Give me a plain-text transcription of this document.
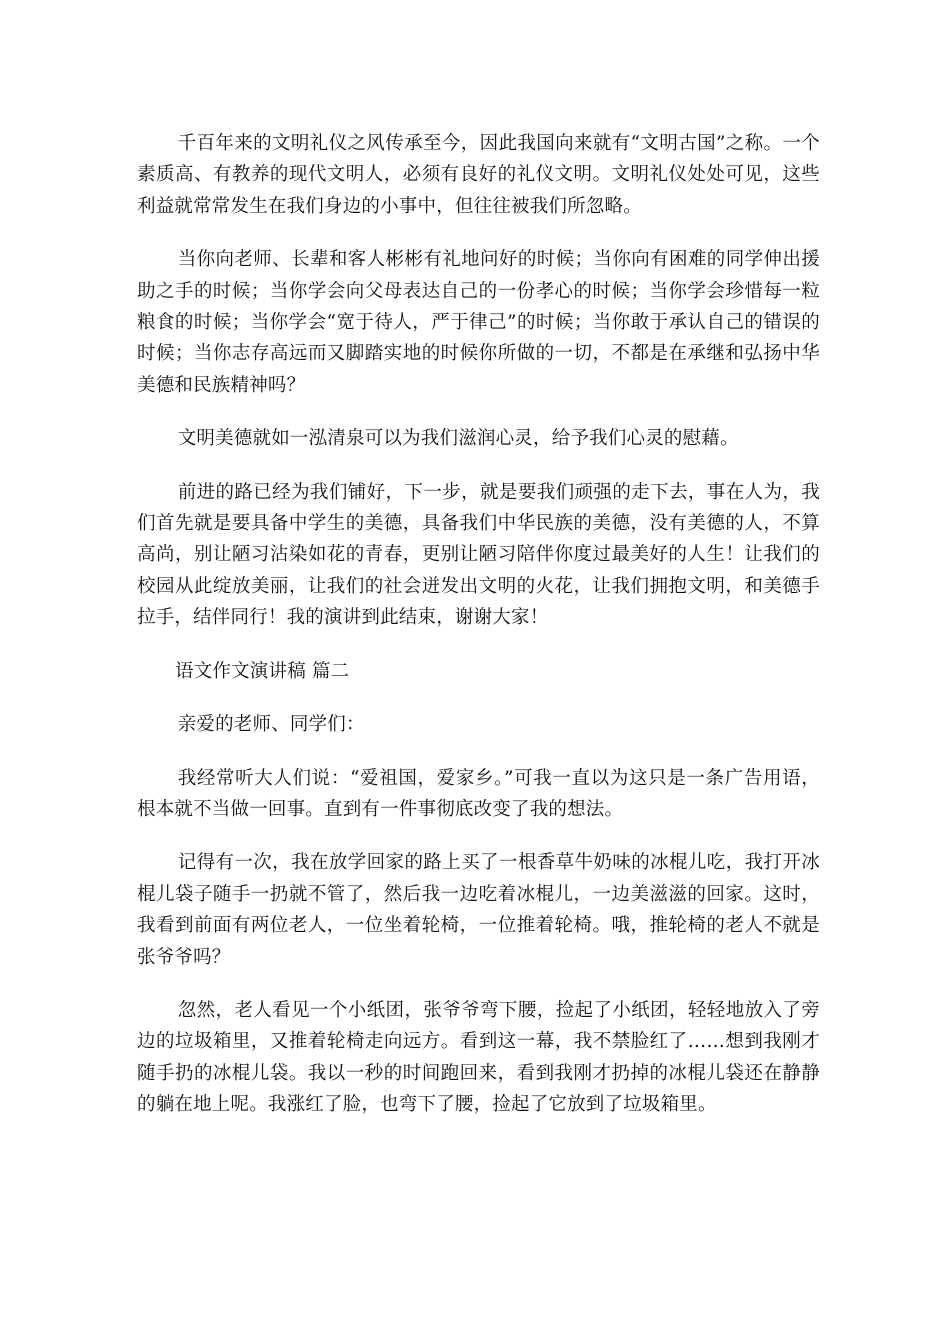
千百年来的文明礼仪之风传承至今，因此我国向来就有“文明古国”之称。一个素质高、有教养的现代文明人，必须有良好的礼仪文明。文明礼仪处处可见，这些利益就常常发生在我们身边的小事中，但往往被我们所忽略。

当你向老师、长辈和客人彬彬有礼地问好的时候；当你向有困难的同学伸出援助之手的时候；当你学会向父母表达自己的一份孝心的时候；当你学会珍惜每一粒粮食的时候；当你学会“宽于待人，严于律己”的时候；当你敢于承认自己的错误的时候；当你志存高远而又脚踏实地的时候你所做的一切，不都是在承继和弘扬中华美德和民族精神吗？

文明美德就如一泓清泉可以为我们滋润心灵，给予我们心灵的慰藉。

前进的路已经为我们铺好，下一步，就是要我们顽强的走下去，事在人为，我们首先就是要具备中学生的美德，具备我们中华民族的美德，没有美德的人，不算高尚，别让陋习沾染如花的青春，更别让陋习陪伴你度过最美好的人生！让我们的校园从此绽放美丽，让我们的社会迸发出文明的火花，让我们拥抱文明，和美德手拉手，结伴同行！我的演讲到此结束，谢谢大家！

语文作文演讲稿 篇二

亲爱的老师、同学们：

我经常听大人们说：“爱祖国，爱家乡。”可我一直以为这只是一条广告用语，根本就不当做一回事。直到有一件事彻底改变了我的想法。

记得有一次，我在放学回家的路上买了一根香草牛奶味的冰棍儿吃，我打开冰棍儿袋子随手一扔就不管了，然后我一边吃着冰棍儿，一边美滋滋的回家。这时，我看到前面有两位老人，一位坐着轮椅，一位推着轮椅。哦，推轮椅的老人不就是张爷爷吗？

忽然，老人看见一个小纸团，张爷爷弯下腰，捡起了小纸团，轻轻地放入了旁边的垃圾箱里，又推着轮椅走向远方。看到这一幕，我不禁脸红了……想到我刚才随手扔的冰棍儿袋。我以一秒的时间跑回来，看到我刚才扔掉的冰棍儿袋还在静静的躺在地上呢。我涨红了脸，也弯下了腰，捡起了它放到了垃圾箱里。
